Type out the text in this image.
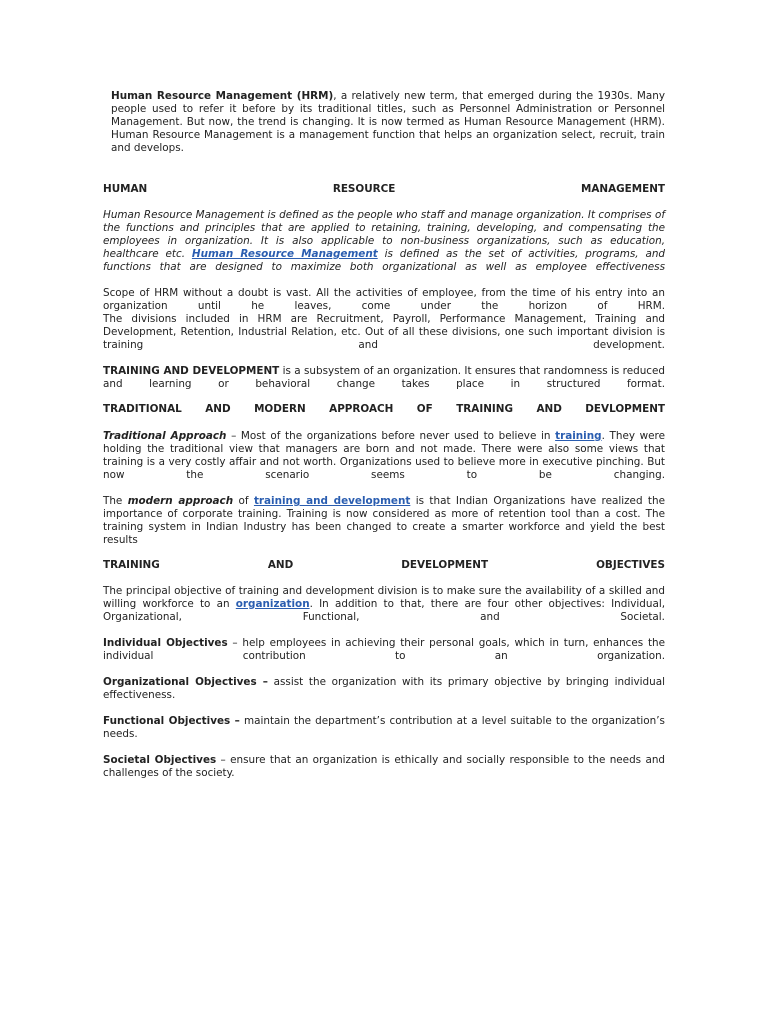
Human Resource Management (HRM), a relatively new term, that emerged during the 1930s. Many people used to refer it before by its traditional titles, such as Personnel Administration or Personnel Management. But now, the trend is changing. It is now termed as Human Resource Management (HRM). Human Resource Management is a management function that helps an organization select, recruit, train and develops.

HUMAN RESOURCE MANAGEMENT

Human Resource Management is defined as the people who staff and manage organization. It comprises of the functions and principles that are applied to retaining, training, developing, and compensating the employees in organization. It is also applicable to non-business organizations, such as education, healthcare etc. Human Resource Management is defined as the set of activities, programs, and functions that are designed to maximize both organizational as well as employee effectiveness

Scope of HRM without a doubt is vast. All the activities of employee, from the time of his entry into an organization until he leaves, come under the horizon of HRM.

The divisions included in HRM are Recruitment, Payroll, Performance Management, Training and Development, Retention, Industrial Relation, etc. Out of all these divisions, one such important division is training and development.

TRAINING AND DEVELOPMENT is a subsystem of an organization. It ensures that randomness is reduced and learning or behavioral change takes place in structured format.

TRADITIONAL AND MODERN APPROACH OF TRAINING AND DEVLOPMENT

Traditional Approach – Most of the organizations before never used to believe in training. They were holding the traditional view that managers are born and not made. There were also some views that training is a very costly affair and not worth. Organizations used to believe more in executive pinching. But now the scenario seems to be changing.

The modern approach of training and development is that Indian Organizations have realized the importance of corporate training. Training is now considered as more of retention tool than a cost. The training system in Indian Industry has been changed to create a smarter workforce and yield the best results

TRAINING AND DEVELOPMENT OBJECTIVES

The principal objective of training and development division is to make sure the availability of a skilled and willing workforce to an organization. In addition to that, there are four other objectives: Individual, Organizational, Functional, and Societal.

Individual Objectives – help employees in achieving their personal goals, which in turn, enhances the individual contribution to an organization.

Organizational Objectives – assist the organization with its primary objective by bringing individual effectiveness.

Functional Objectives – maintain the department’s contribution at a level suitable to the organization’s needs.

Societal Objectives – ensure that an organization is ethically and socially responsible to the needs and challenges of the society.
